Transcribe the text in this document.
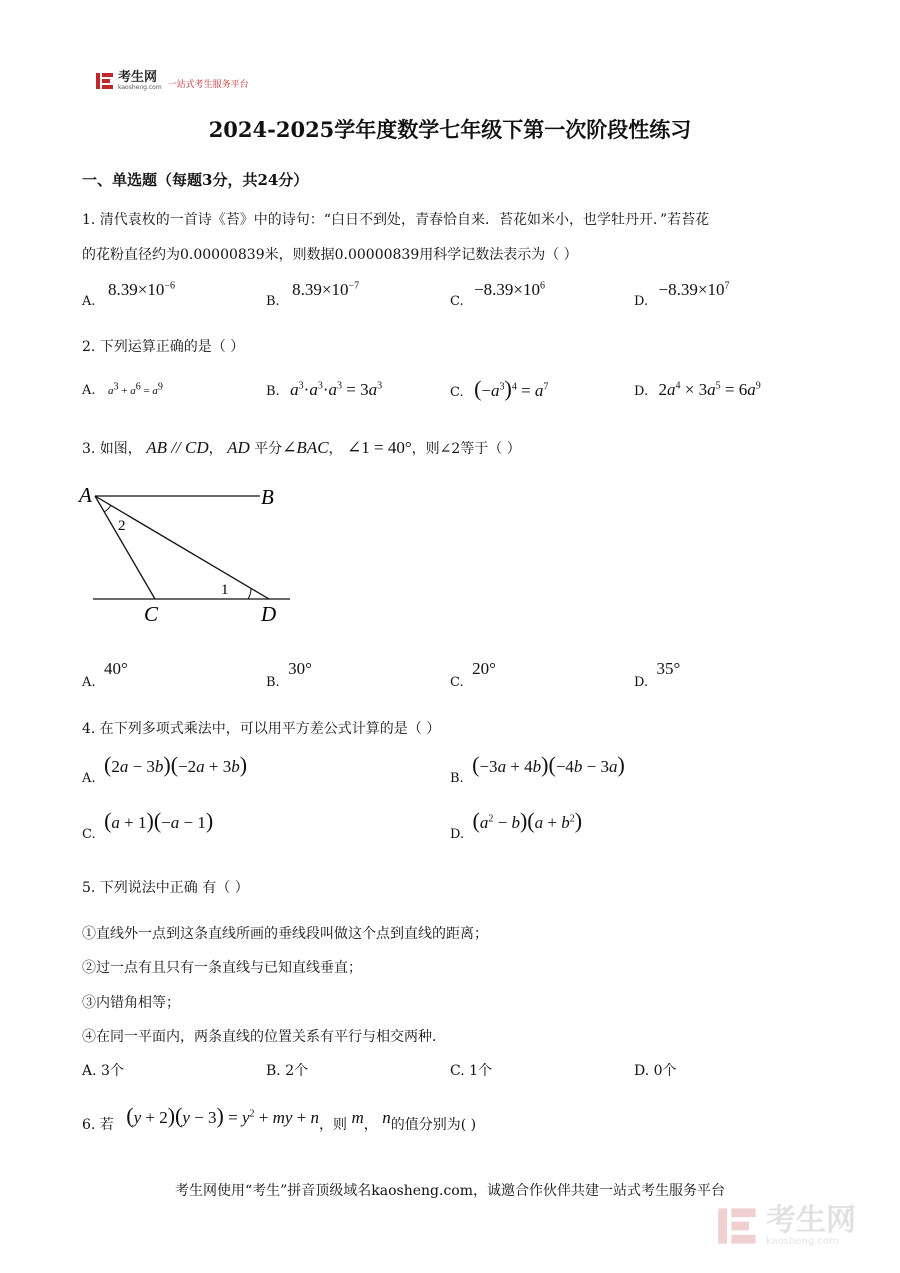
考生网
kaosheng.com 一站式考生服务平台
2024-2025学年度数学七年级下第一次阶段性练习
一、单选题（每题3分，共24分）
1. 清代袁枚的一首诗《苔》中的诗句：“白日不到处，青春恰自来．苔花如米小，也学牡丹开．”若苔花
的花粉直径约为0.00000839米，则数据0.00000839用科学记数法表示为（ ）
A. $8.39\times 10^{-6}$
B. $8.39\times 10^{-7}$
C. $-8.39\times 10^6$
D. $-8.39\times 10^7$
2. 下列运算正确的是（ ）
A. $a^3 + a^6 = a^9$	B. $a^3\cdot a^3\cdot a^3 = 3a^3$	C. $(-a^3)^4 = a^7$	D. $2a^4 \times 3a^5 = 6a^9$
3. 如图， AB // CD， AD 平分∠BAC， ∠1 = 40°，则∠2等于（ ）
A	B
C	D
1
2
A. 40°
B. 30°
C. 20°
D. 35°
4. 在下列多项式乘法中，可以用平方差公式计算的是（ ）
A. (2a − 3b)(−2a + 3b)
B. (−3a + 4b)(−4b − 3a)
C. (a + 1)(−a − 1)
D. $(a^2 - b)(a + b^2)$
5. 下列说法中正确 有（ ）
①直线外一点到这条直线所画的垂线段叫做这个点到直线的距离；
②过一点有且只有一条直线与已知直线垂直；
③内错角相等；
④在同一平面内，两条直线的位置关系有平行与相交两种．
A. 3个	B. 2个	C. 1个	D. 0个
6. 若 $(y + 2)(y - 3) = y^2$ + my + n，则 m， n的值分别为( )
考生网使用“考生”拼音顶级域名kaosheng.com，诚邀合作伙伴共建一站式考生服务平台
考生网
kaosheng.com
